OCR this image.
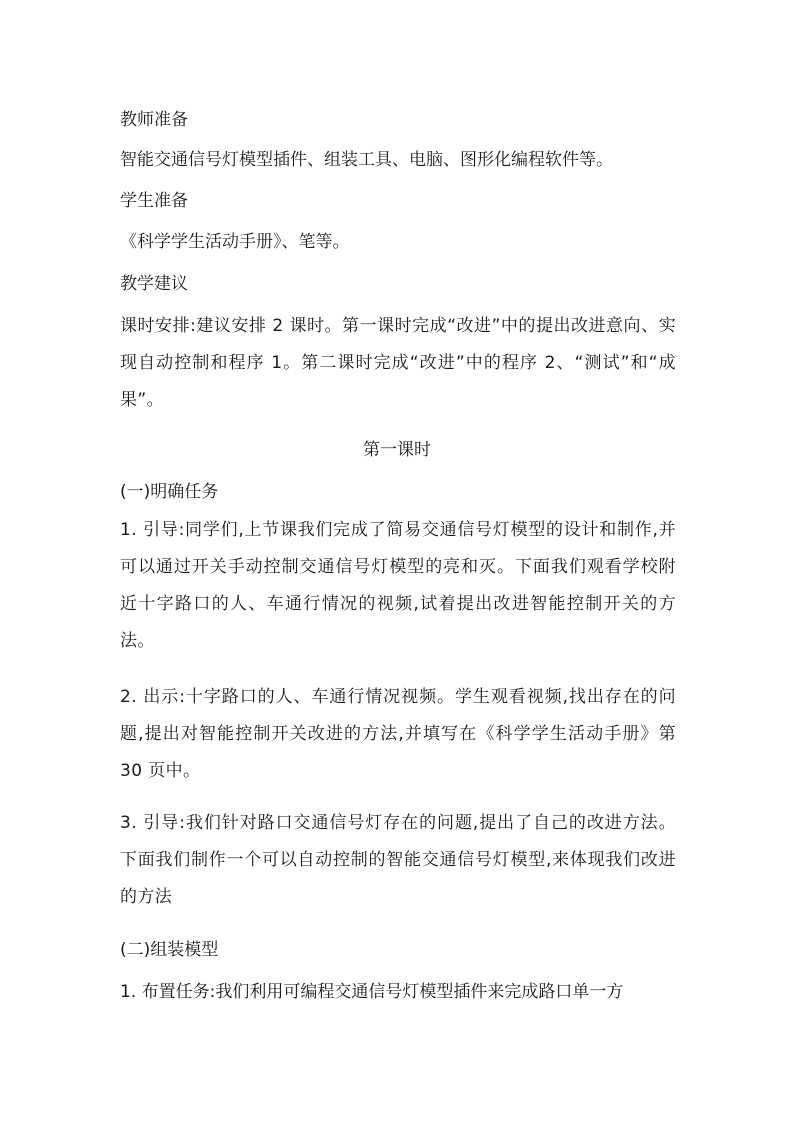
教师准备
智能交通信号灯模型插件、组装工具、电脑、图形化编程软件等。
学生准备
《科学学生活动手册》、笔等。
教学建议
课时安排:建议安排 2 课时。第一课时完成“改进”中的提出改进意向、实现自动控制和程序 1。第二课时完成“改进”中的程序 2、“测试”和“成果”。
第一课时
(一)明确任务
1. 引导:同学们,上节课我们完成了简易交通信号灯模型的设计和制作,并可以通过开关手动控制交通信号灯模型的亮和灭。下面我们观看学校附近十字路口的人、车通行情况的视频,试着提出改进智能控制开关的方法。
2. 出示:十字路口的人、车通行情况视频。学生观看视频,找出存在的问题,提出对智能控制开关改进的方法,并填写在《科学学生活动手册》第 30 页中。
3. 引导:我们针对路口交通信号灯存在的问题,提出了自己的改进方法。下面我们制作一个可以自动控制的智能交通信号灯模型,来体现我们改进的方法
(二)组装模型
1. 布置任务:我们利用可编程交通信号灯模型插件来完成路口单一方
